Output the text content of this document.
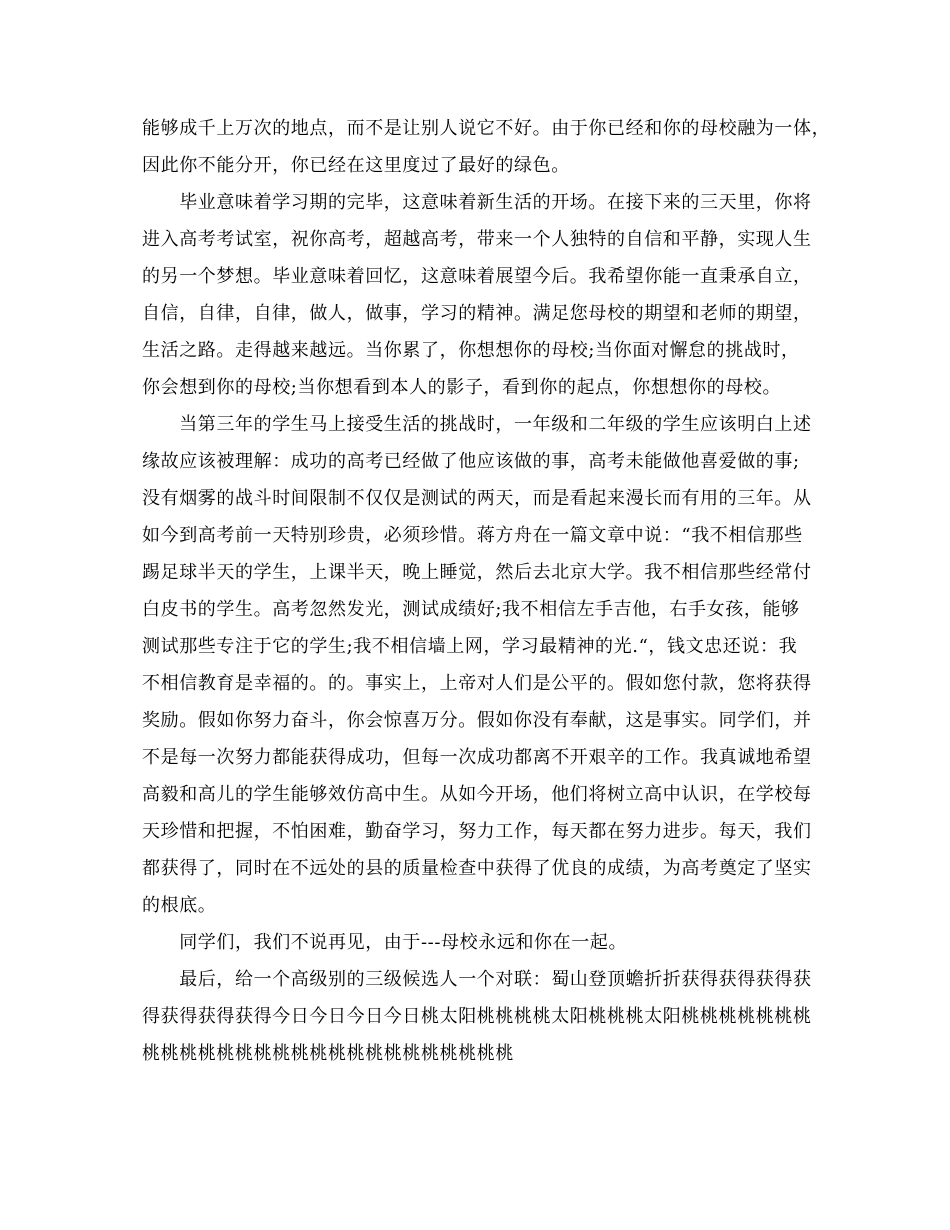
能够成千上万次的地点，而不是让别人说它不好。由于你已经和你的母校融为一体，
因此你不能分开，你已经在这里度过了最好的绿色。
　　毕业意味着学习期的完毕，这意味着新生活的开场。在接下来的三天里，你将
进入高考考试室，祝你高考，超越高考，带来一个人独特的自信和平静，实现人生
的另一个梦想。毕业意味着回忆，这意味着展望今后。我希望你能一直秉承自立，
自信，自律，自律，做人，做事，学习的精神。满足您母校的期望和老师的期望，
生活之路。走得越来越远。当你累了，你想想你的母校;当你面对懈怠的挑战时，
你会想到你的母校;当你想看到本人的影子，看到你的起点，你想想你的母校。
　　当第三年的学生马上接受生活的挑战时，一年级和二年级的学生应该明白上述
缘故应该被理解：成功的高考已经做了他应该做的事，高考未能做他喜爱做的事;
没有烟雾的战斗时间限制不仅仅是测试的两天，而是看起来漫长而有用的三年。从
如今到高考前一天特别珍贵，必须珍惜。蒋方舟在一篇文章中说：“我不相信那些
踢足球半天的学生，上课半天，晚上睡觉，然后去北京大学。我不相信那些经常付
白皮书的学生。高考忽然发光，测试成绩好;我不相信左手吉他，右手女孩，能够
测试那些专注于它的学生;我不相信墙上网，学习最精神的光.“，钱文忠还说：我
不相信教育是幸福的。的。事实上，上帝对人们是公平的。假如您付款，您将获得
奖励。假如你努力奋斗，你会惊喜万分。假如你没有奉献，这是事实。同学们，并
不是每一次努力都能获得成功，但每一次成功都离不开艰辛的工作。我真诚地希望
高毅和高儿的学生能够效仿高中生。从如今开场，他们将树立高中认识，在学校每
天珍惜和把握，不怕困难，勤奋学习，努力工作，每天都在努力进步。每天，我们
都获得了，同时在不远处的县的质量检查中获得了优良的成绩，为高考奠定了坚实
的根底。
　　同学们，我们不说再见，由于---母校永远和你在一起。
　　最后，给一个高级别的三级候选人一个对联：蜀山登顶蟾折折获得获得获得获
得获得获得获得今日今日今日今日桃太阳桃桃桃桃太阳桃桃桃太阳桃桃桃桃桃桃桃
桃桃桃桃桃桃桃桃桃桃桃桃桃桃桃桃桃桃桃桃
